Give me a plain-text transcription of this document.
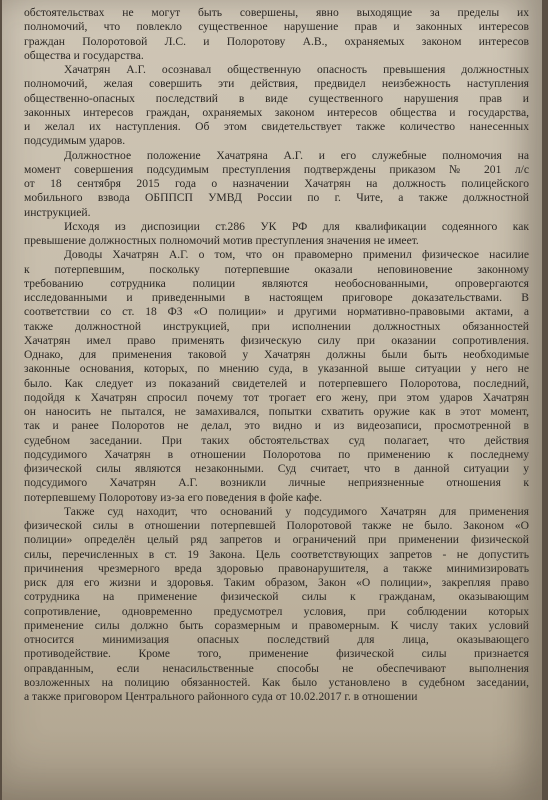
обстоятельствах не могут быть совершены, явно выходящие за пределы их
полномочий, что повлекло существенное нарушение прав и законных интересов
граждан Полоротовой Л.С. и Полоротову А.В., охраняемых законом интересов
общества и государства.
Хачатрян А.Г. осознавал общественную опасность превышения должностных
полномочий, желая совершить эти действия, предвидел неизбежность наступления
общественно-опасных последствий в виде существенного нарушения прав и
законных интересов граждан, охраняемых законом интересов общества и государства,
и желал их наступления. Об этом свидетельствует также количество нанесенных
подсудимым ударов.
Должностное положение Хачатряна А.Г. и его служебные полномочия на
момент совершения подсудимым преступления подтверждены приказом № 201 л/с
от 18 сентября 2015 года о назначении Хачатрян на должность полицейского
мобильного взвода ОБППСП УМВД России по г. Чите, а также должностной
инструкцией.
Исходя из диспозиции ст.286 УК РФ для квалификации содеянного как
превышение должностных полномочий мотив преступления значения не имеет.
Доводы Хачатрян А.Г. о том, что он правомерно применил физическое насилие
к потерпевшим, поскольку потерпевшие оказали неповиновение законному
требованию сотрудника полиции являются необоснованными, опровергаются
исследованными и приведенными в настоящем приговоре доказательствами. В
соответствии со ст. 18 ФЗ «О полиции» и другими нормативно-правовыми актами, а
также должностной инструкцией, при исполнении должностных обязанностей
Хачатрян имел право применять физическую силу при оказании сопротивления.
Однако, для применения таковой у Хачатрян должны были быть необходимые
законные основания, которых, по мнению суда, в указанной выше ситуации у него не
было. Как следует из показаний свидетелей и потерпевшего Полоротова, последний,
подойдя к Хачатрян спросил почему тот трогает его жену, при этом ударов Хачатрян
он наносить не пытался, не замахивался, попытки схватить оружие как в этот момент,
так и ранее Полоротов не делал, это видно и из видеозаписи, просмотренной в
судебном заседании. При таких обстоятельствах суд полагает, что действия
подсудимого Хачатрян в отношении Полоротова по применению к последнему
физической силы являются незаконными. Суд считает, что в данной ситуации у
подсудимого Хачатрян А.Г. возникли личные неприязненные отношения к
потерпевшему Полоротову из-за его поведения в фойе кафе.
Также суд находит, что оснований у подсудимого Хачатрян для применения
физической силы в отношении потерпевшей Полоротовой также не было. Законом «О
полиции» определён целый ряд запретов и ограничений при применении физической
силы, перечисленных в ст. 19 Закона. Цель соответствующих запретов - не допустить
причинения чрезмерного вреда здоровью правонарушителя, а также минимизировать
риск для его жизни и здоровья. Таким образом, Закон «О полиции», закрепляя право
сотрудника на применение физической силы к гражданам, оказывающим
сопротивление, одновременно предусмотрел условия, при соблюдении которых
применение силы должно быть соразмерным и правомерным. К числу таких условий
относится минимизация опасных последствий для лица, оказывающего
противодействие. Кроме того, применение физической силы признается
оправданным, если ненасильственные способы не обеспечивают выполнения
возложенных на полицию обязанностей. Как было установлено в судебном заседании,
а также приговором Центрального районного суда от 10.02.2017 г. в отношении
